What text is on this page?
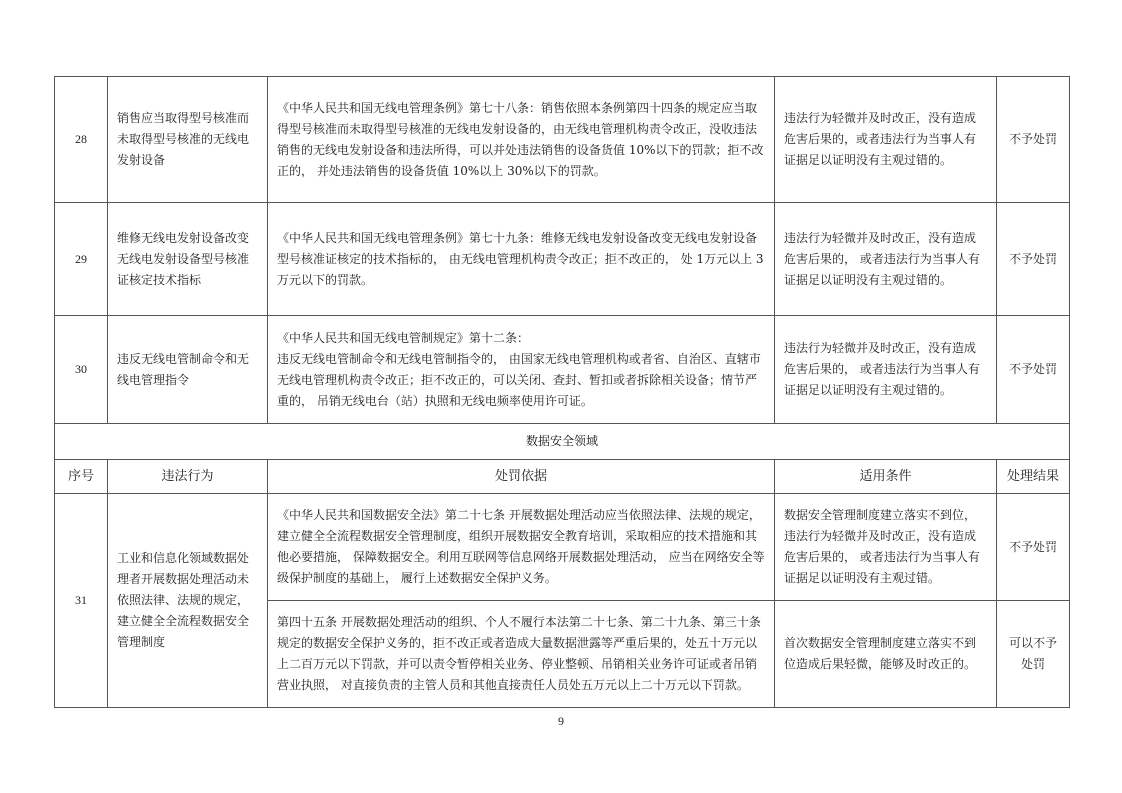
28	销售应当取得型号核准而未取得型号核准的无线电发射设备	《中华人民共和国无线电管理条例》第七十八条：销售依照本条例第四十四条的规定应当取得型号核准而未取得型号核准的无线电发射设备的，由无线电管理机构责令改正，没收违法销售的无线电发射设备和违法所得，可以并处违法销售的设备货值 10%以下的罚款；拒不改正的， 并处违法销售的设备货值 10%以上 30%以下的罚款。	违法行为轻微并及时改正，没有造成危害后果的，或者违法行为当事人有证据足以证明没有主观过错的。	不予处罚
29	维修无线电发射设备改变无线电发射设备型号核准证核定技术指标	《中华人民共和国无线电管理条例》第七十九条：维修无线电发射设备改变无线电发射设备型号核准证核定的技术指标的， 由无线电管理机构责令改正；拒不改正的， 处 1万元以上 3万元以下的罚款。	违法行为轻微并及时改正，没有造成危害后果的， 或者违法行为当事人有证据足以证明没有主观过错的。	不予处罚
30	违反无线电管制命令和无线电管理指令	《中华人民共和国无线电管制规定》第十二条：
违反无线电管制命令和无线电管制指令的， 由国家无线电管理机构或者省、自治区、直辖市无线电管理机构责令改正；拒不改正的，可以关闭、查封、暂扣或者拆除相关设备；情节严重的， 吊销无线电台（站）执照和无线电频率使用许可证。	违法行为轻微并及时改正，没有造成危害后果的， 或者违法行为当事人有证据足以证明没有主观过错的。	不予处罚
数据安全领域				
序号	违法行为	处罚依据	适用条件	处理结果
31	工业和信息化领域数据处理者开展数据处理活动未依照法律、法规的规定， 建立健全全流程数据安全管理制度	《中华人民共和国数据安全法》第二十七条 开展数据处理活动应当依照法律、法规的规定， 建立健全全流程数据安全管理制度，组织开展数据安全教育培训，采取相应的技术措施和其他必要措施， 保障数据安全。利用互联网等信息网络开展数据处理活动， 应当在网络安全等级保护制度的基础上， 履行上述数据安全保护义务。	数据安全管理制度建立落实不到位， 违法行为轻微并及时改正，没有造成危害后果的， 或者违法行为当事人有证据足以证明没有主观过错。	不予处罚
		第四十五条 开展数据处理活动的组织、个人不履行本法第二十七条、第二十九条、第三十条规定的数据安全保护义务的，拒不改正或者造成大量数据泄露等严重后果的，处五十万元以上二百万元以下罚款，并可以责令暂停相关业务、停业整顿、吊销相关业务许可证或者吊销营业执照， 对直接负责的主管人员和其他直接责任人员处五万元以上二十万元以下罚款。	首次数据安全管理制度建立落实不到位造成后果轻微，能够及时改正的。	可以不予处罚
9
